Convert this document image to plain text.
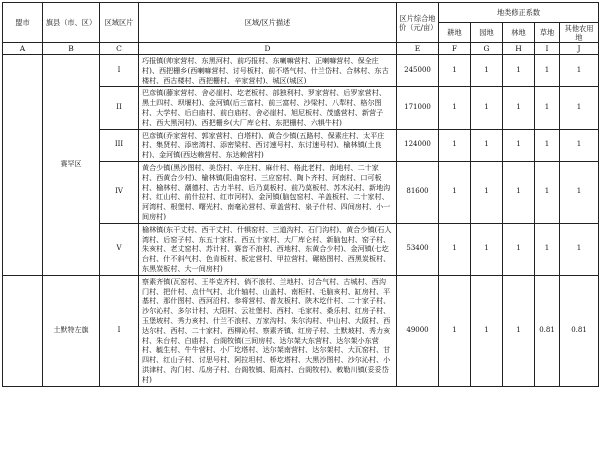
盟市	旗县（市、区）	区域区片	区域/区片描述	区片综合地价（元/亩）	地类修正系数				
					耕地	园地	林地	草地	其他农用地
A	B	C	D	E	F	G	H	I	J
	赛罕区	I	巧报镇(帅家营村、东黑河村、前巧报村、东喇嘛营村、正喇嘛营村、保全庄村)、西把栅乡(西喇嘛营村、讨号板村、前不塔气村、什兰岱村、合林村、东古楼村、西古楼村、西把栅村、辛家营村)、城区(城区)	245000	1	1	1	1	1
		II	巴彦镇(藤家营村、舍必崖村、圪老板村、部独利村、罗家营村、后罗家营村、黑土四村、坝堰村)、金河镇(后三富村、前三富村、沙梁村、八犁村、格尔图村、大学村、后白庙村、前白庙村、舍必崖村、旭尼板村、茂盛营村、新营子村、西大黑河村)、西把栅乡(大厂库仑村、东把栅村、六犋牛村)	171000	1	1	1	1	1
		III	巴彦镇(乔家营村、郭家营村、白塔村)、黄合少镇(五路村、保素庄村、太平庄村、集贤村、添密湾村、添密梁村、西讨速号村、东讨速号村)、榆林镇(土良村)、金河镇(西达赖营村、东达赖营村)	124000	1	1	1	1	1
		IV	黄合少镇(黑沙图村、美岱村、辛庄村、麻什村、格此老村、南地村、二十家村、西黄合少村)、榆林镇(阳曲窑村、三应窑村、陶卜齐村、河南村、口可板村、榆林村、潮德村、古力半村、后乃莫板村、前乃莫板村、苏木沁村、新地沟村、红山村、前什拉村、红市河村)、金河镇(脑包窑村、羊盖板村、二十家村、河湾村、根堡村、曙光村、南毫沁营村、章盖营村、泉子什村、四间房村、小一间房村)	81600	1	1	1	1	1
		V	榆林镇(东干丈村、西干丈村、什犋窑村、三道沟村、石门沟村)、黄合少镇(石人湾村、后窑子村、东五十家村、西五十家村、大厂库仑村、新脑包村、窑子村、朱亥村、老丈窑村、苏计村、赛音不浪村、西地村、东黄合少村)、金河镇(七圪台村、什不斜气村、色肯板村、板定营村、甲拉营村、碾格图村、西黑炭板村、东黑炭板村、大一间房村)	53400	1	1	1	1	1
	土默特左旗	I	察素齐镇(瓦窑村、王毕克齐村、倘不浪村、兰地村、讨合气村、古城村、西沟门村、把什村、点什气村、北什轴村、山盖村、南柜村、毛脑亥村、缸房村、平基村、那什图村、西河沿村、参将营村、普友板村、陕木圪什村、二十家子村、沙尔沁村、多尔计村、大阳村、云社堡村、西村、毛家村、桑乐村、红房子村、玉堡坡村、秀力亥村、什兰不浪村、万家沟村、朱尔沟村、中山村、大阪村、西达尔村、西村、二十家村、西柳沁村、察素齐镇、红房子村、土默坡村、秀力亥村、朱台村、白庙村、台阁牧镇(三间房村、达尔架大东营村、达尔架小东营村、毓生村、牛牛营村、小厂圪塔村、达尔架南营村、达尔架村、大瓦窑村、甘四村、红山子村、讨思号村、阿拉坦村、桥圪塔村、大黑沙图村、沙尔沁村、小洪津村、沟门村、瓜房子村、台阁牧镇、阳高村、台阁牧村)、敕勒川镇(妥妥岱村)	49000	1	1	1	0.81	0.81
